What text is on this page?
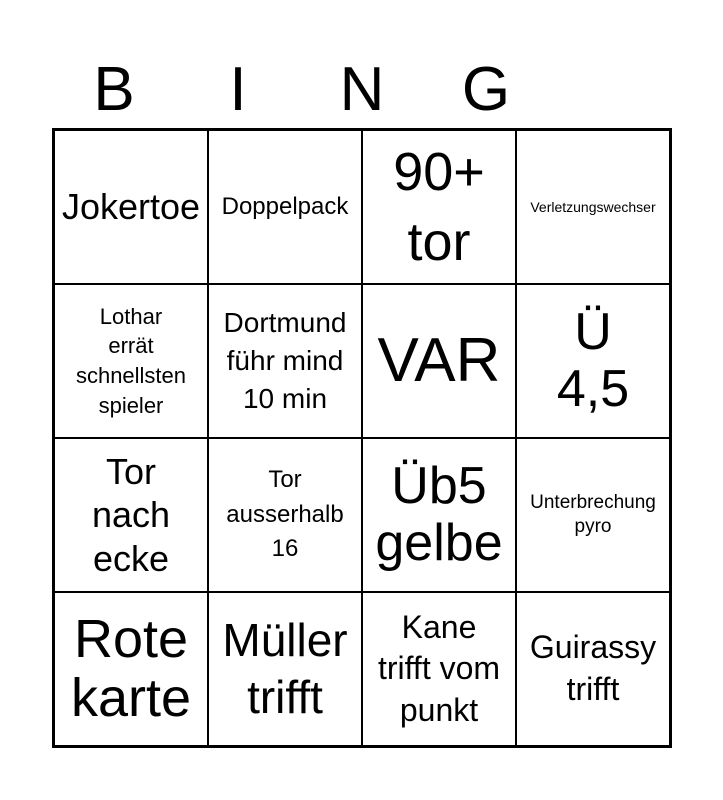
B	I	N	G
Jokertoe Doppelpack
90+
tor
Verletzungswechser
Lothar
errät
schnellsten
spieler
Dortmund
führ mind
10 min
VAR	Ü
4,5
Tor
nach
ecke
Tor
ausserhalb
16
Üb5
gelbe
Unterbrechung
pyro
Rote
karte
Müller
trifft
Kane
trifft vom
punkt
Guirassy
trifft
